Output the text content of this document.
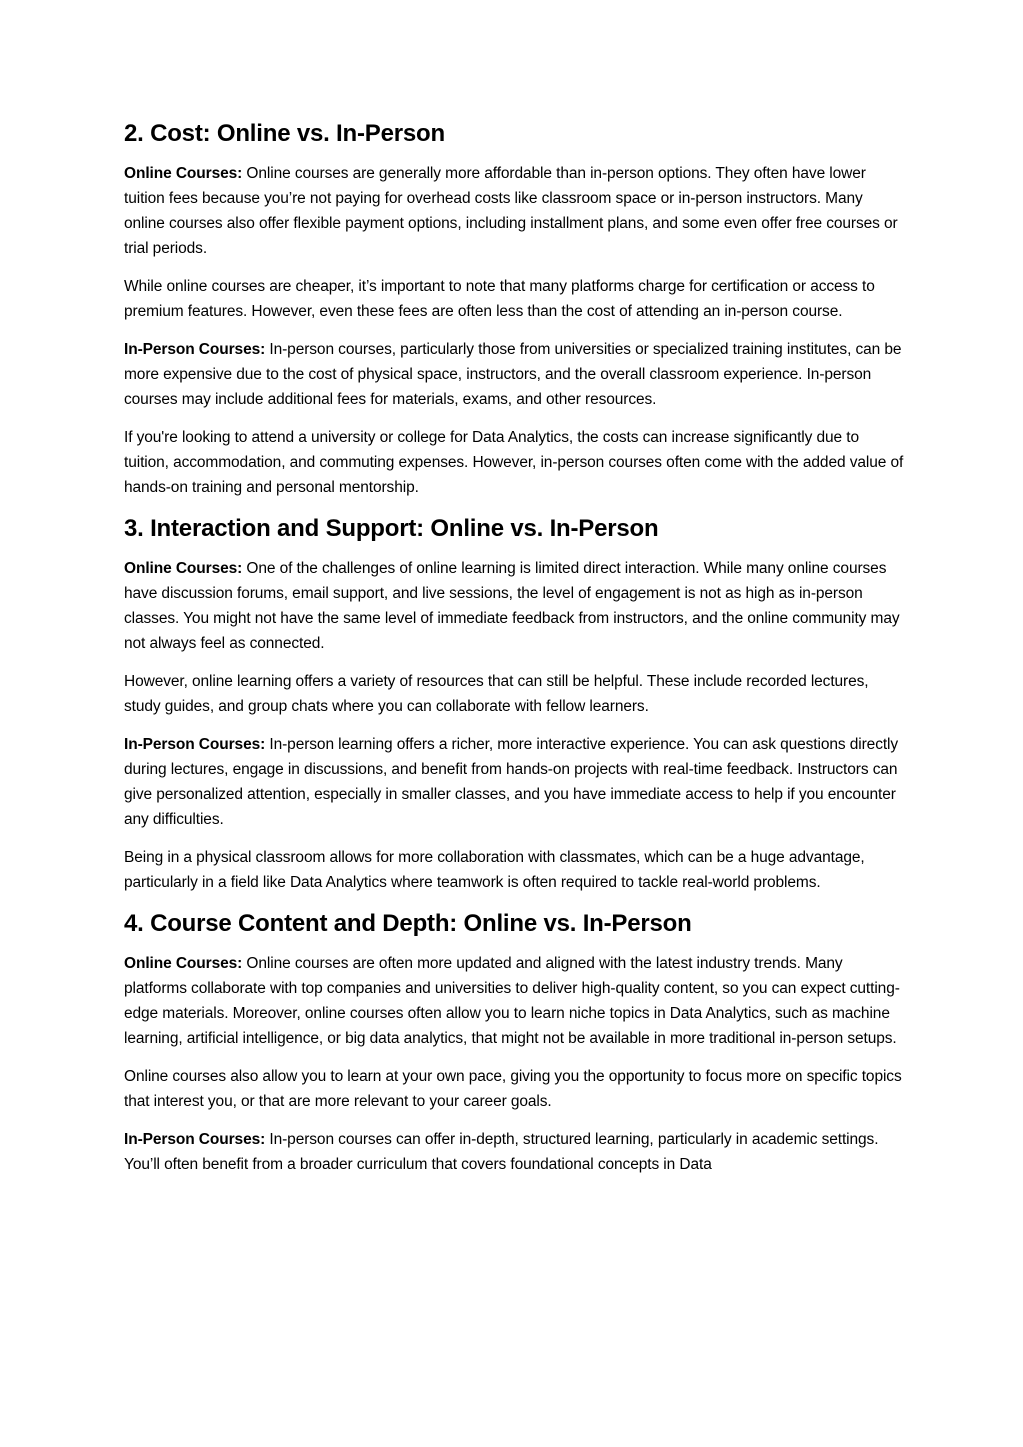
2. Cost: Online vs. In-Person

Online Courses: Online courses are generally more affordable than in-person options. They often have lower tuition fees because you’re not paying for overhead costs like classroom space or in-person instructors. Many online courses also offer flexible payment options, including installment plans, and some even offer free courses or trial periods.

While online courses are cheaper, it’s important to note that many platforms charge for certification or access to premium features. However, even these fees are often less than the cost of attending an in-person course.

In-Person Courses: In-person courses, particularly those from universities or specialized training institutes, can be more expensive due to the cost of physical space, instructors, and the overall classroom experience. In-person courses may include additional fees for materials, exams, and other resources.

If you're looking to attend a university or college for Data Analytics, the costs can increase significantly due to tuition, accommodation, and commuting expenses. However, in-person courses often come with the added value of hands-on training and personal mentorship.

3. Interaction and Support: Online vs. In-Person

Online Courses: One of the challenges of online learning is limited direct interaction. While many online courses have discussion forums, email support, and live sessions, the level of engagement is not as high as in-person classes. You might not have the same level of immediate feedback from instructors, and the online community may not always feel as connected.

However, online learning offers a variety of resources that can still be helpful. These include recorded lectures, study guides, and group chats where you can collaborate with fellow learners.

In-Person Courses: In-person learning offers a richer, more interactive experience. You can ask questions directly during lectures, engage in discussions, and benefit from hands-on projects with real-time feedback. Instructors can give personalized attention, especially in smaller classes, and you have immediate access to help if you encounter any difficulties.

Being in a physical classroom allows for more collaboration with classmates, which can be a huge advantage, particularly in a field like Data Analytics where teamwork is often required to tackle real-world problems.

4. Course Content and Depth: Online vs. In-Person

Online Courses: Online courses are often more updated and aligned with the latest industry trends. Many platforms collaborate with top companies and universities to deliver high-quality content, so you can expect cutting-edge materials. Moreover, online courses often allow you to learn niche topics in Data Analytics, such as machine learning, artificial intelligence, or big data analytics, that might not be available in more traditional in-person setups.

Online courses also allow you to learn at your own pace, giving you the opportunity to focus more on specific topics that interest you, or that are more relevant to your career goals.

In-Person Courses: In-person courses can offer in-depth, structured learning, particularly in academic settings. You’ll often benefit from a broader curriculum that covers foundational concepts in Data
